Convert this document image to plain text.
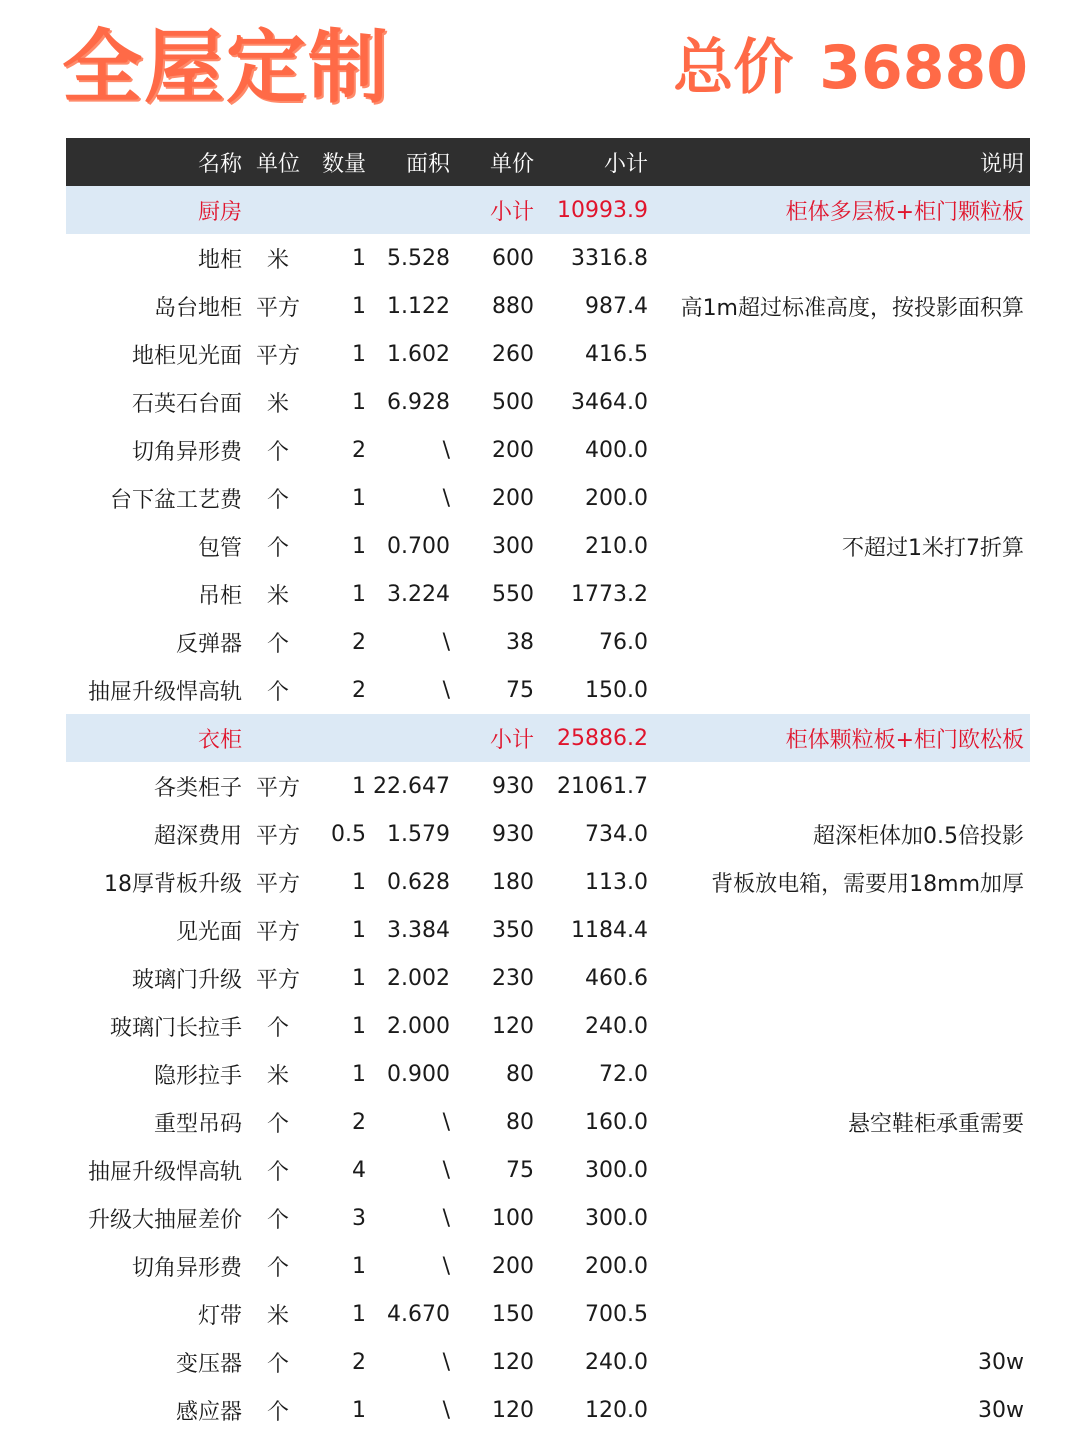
全屋定制	总价 36880
名称 单位 数量	面积	单价	小计	说明
厨房	小计	10993.9	柜体多层板+柜门颗粒板
地柜	米	1 5.528	600	3316.8
岛台地柜 平方	1 1.122	880	987.4	高1m超过标准高度，按投影面积算
地柜见光面 平方	1 1.602	260	416.5
石英石台面	米	1 6.928	500	3464.0
切角异形费	个	2	\	200	400.0
台下盆工艺费	个	1	\	200	200.0
包管	个	1 0.700	300	210.0	不超过1米打7折算
吊柜	米	1 3.224	550	1773.2
反弹器	个	2	\	38	76.0
抽屉升级悍高轨	个	2	\	75	150.0
衣柜	小计	25886.2	柜体颗粒板+柜门欧松板
各类柜子 平方	1 22.647	930	21061.7
超深费用 平方	0.5 1.579	930	734.0	超深柜体加0.5倍投影
18厚背板升级 平方	1 0.628	180	113.0	背板放电箱，需要用18mm加厚
见光面 平方	1 3.384	350	1184.4
玻璃门升级 平方	1 2.002	230	460.6
玻璃门长拉手	个	1 2.000	120	240.0
隐形拉手	米	1 0.900	80	72.0
重型吊码	个	2	\	80	160.0	悬空鞋柜承重需要
抽屉升级悍高轨	个	4	\	75	300.0
升级大抽屉差价	个	3	\	100	300.0
切角异形费	个	1	\	200	200.0
灯带	米	1 4.670	150	700.5
变压器	个	2	\	120	240.0	30w
感应器	个	1	\	120	120.0	30w
